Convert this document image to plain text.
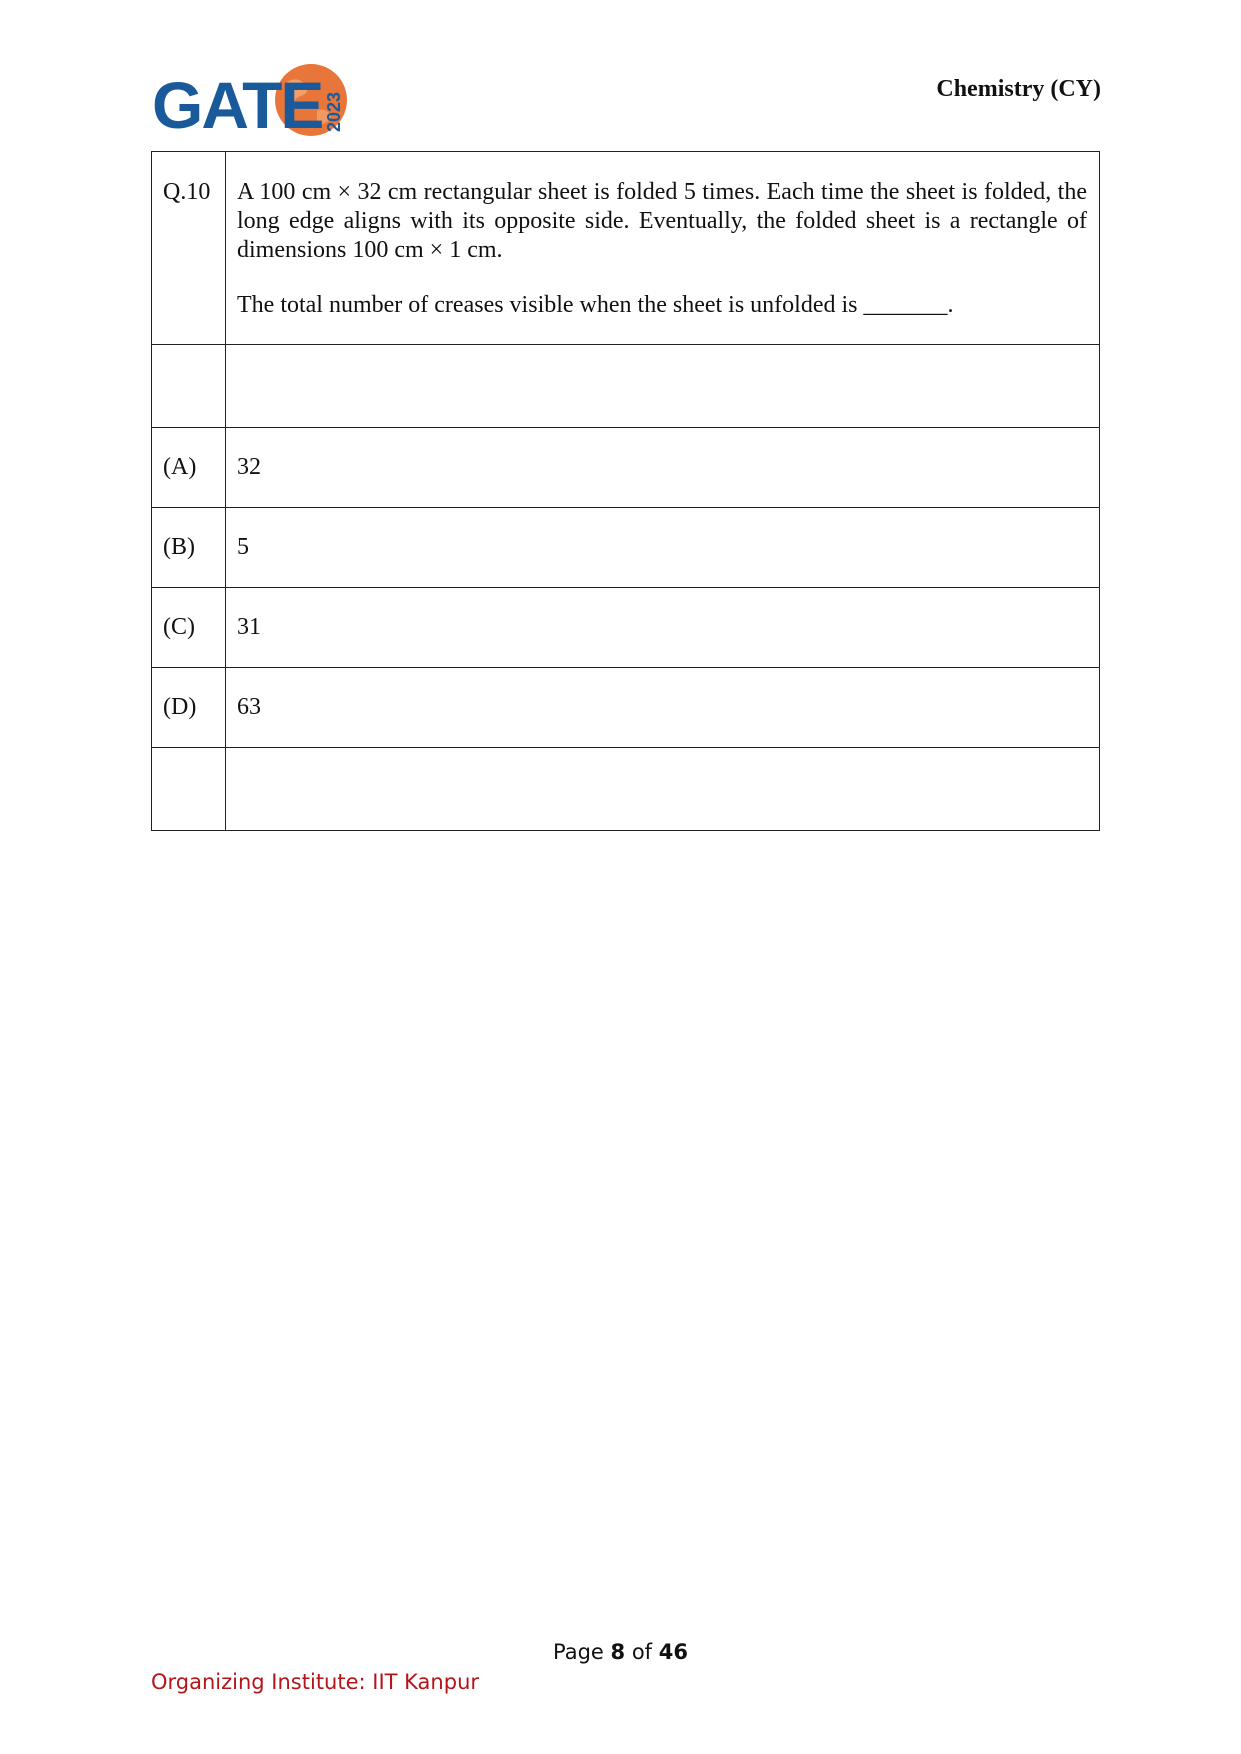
GATE 2023
Chemistry (CY)
Q.10	A 100 cm × 32 cm rectangular sheet is folded 5 times. Each time the sheet is folded, the long edge aligns with its opposite side. Eventually, the folded sheet is a rectangle of dimensions 100 cm × 1 cm.

The total number of creases visible when the sheet is unfolded is _______.

(A)	32
(B)	5
(C)	31
(D)	63

Page 8 of 46
Organizing Institute: IIT Kanpur
